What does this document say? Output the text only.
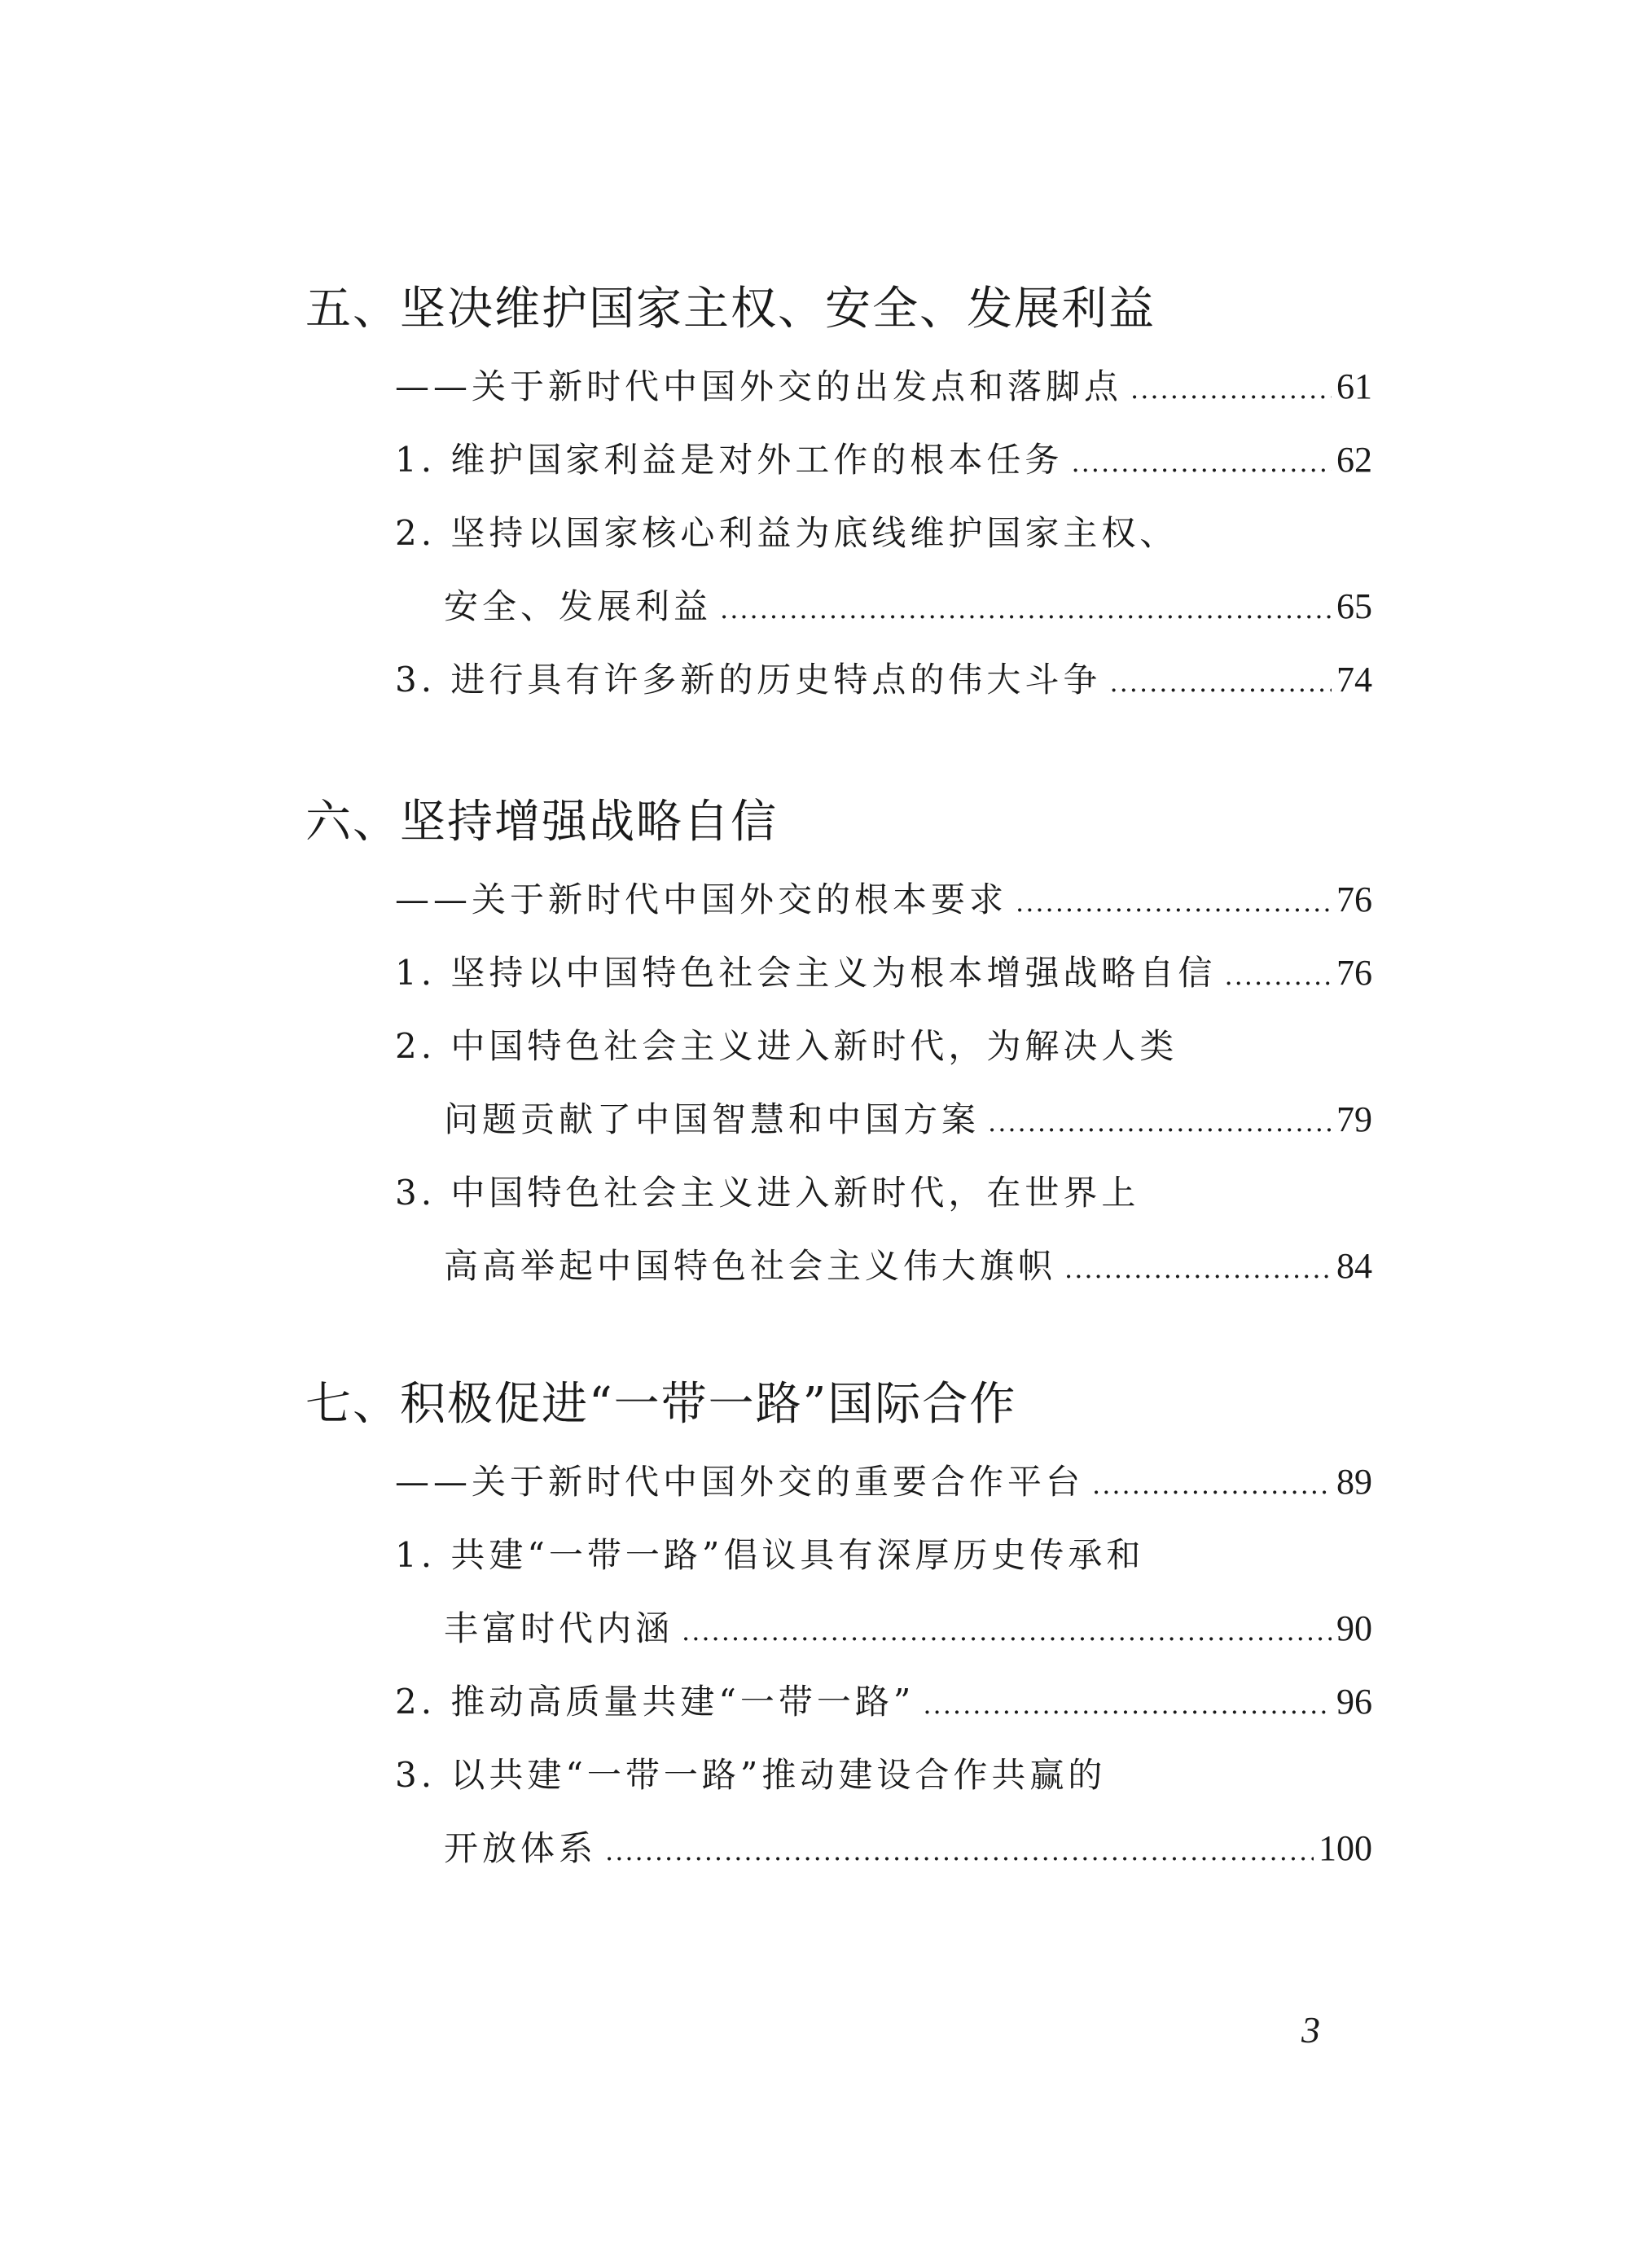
五、坚决维护国家主权、安全、发展利益
——关于新时代中国外交的出发点和落脚点 .....	61
1. 维护国家利益是对外工作的根本任务 .....	62
2. 坚持以国家核心利益为底线维护国家主权、
安全、发展利益 .....	65
3. 进行具有许多新的历史特点的伟大斗争 .....	74
六、坚持增强战略自信
——关于新时代中国外交的根本要求 .....	76
1. 坚持以中国特色社会主义为根本增强战略自信 .....	76
2. 中国特色社会主义进入新时代，为解决人类
问题贡献了中国智慧和中国方案 .....	79
3. 中国特色社会主义进入新时代，在世界上
高高举起中国特色社会主义伟大旗帜 .....	84
七、积极促进“一带一路”国际合作
——关于新时代中国外交的重要合作平台 .....	89
1. 共建“一带一路”倡议具有深厚历史传承和
丰富时代内涵 .....	90
2. 推动高质量共建“一带一路” .....	96
3. 以共建“一带一路”推动建设合作共赢的
开放体系 .....	100
3
